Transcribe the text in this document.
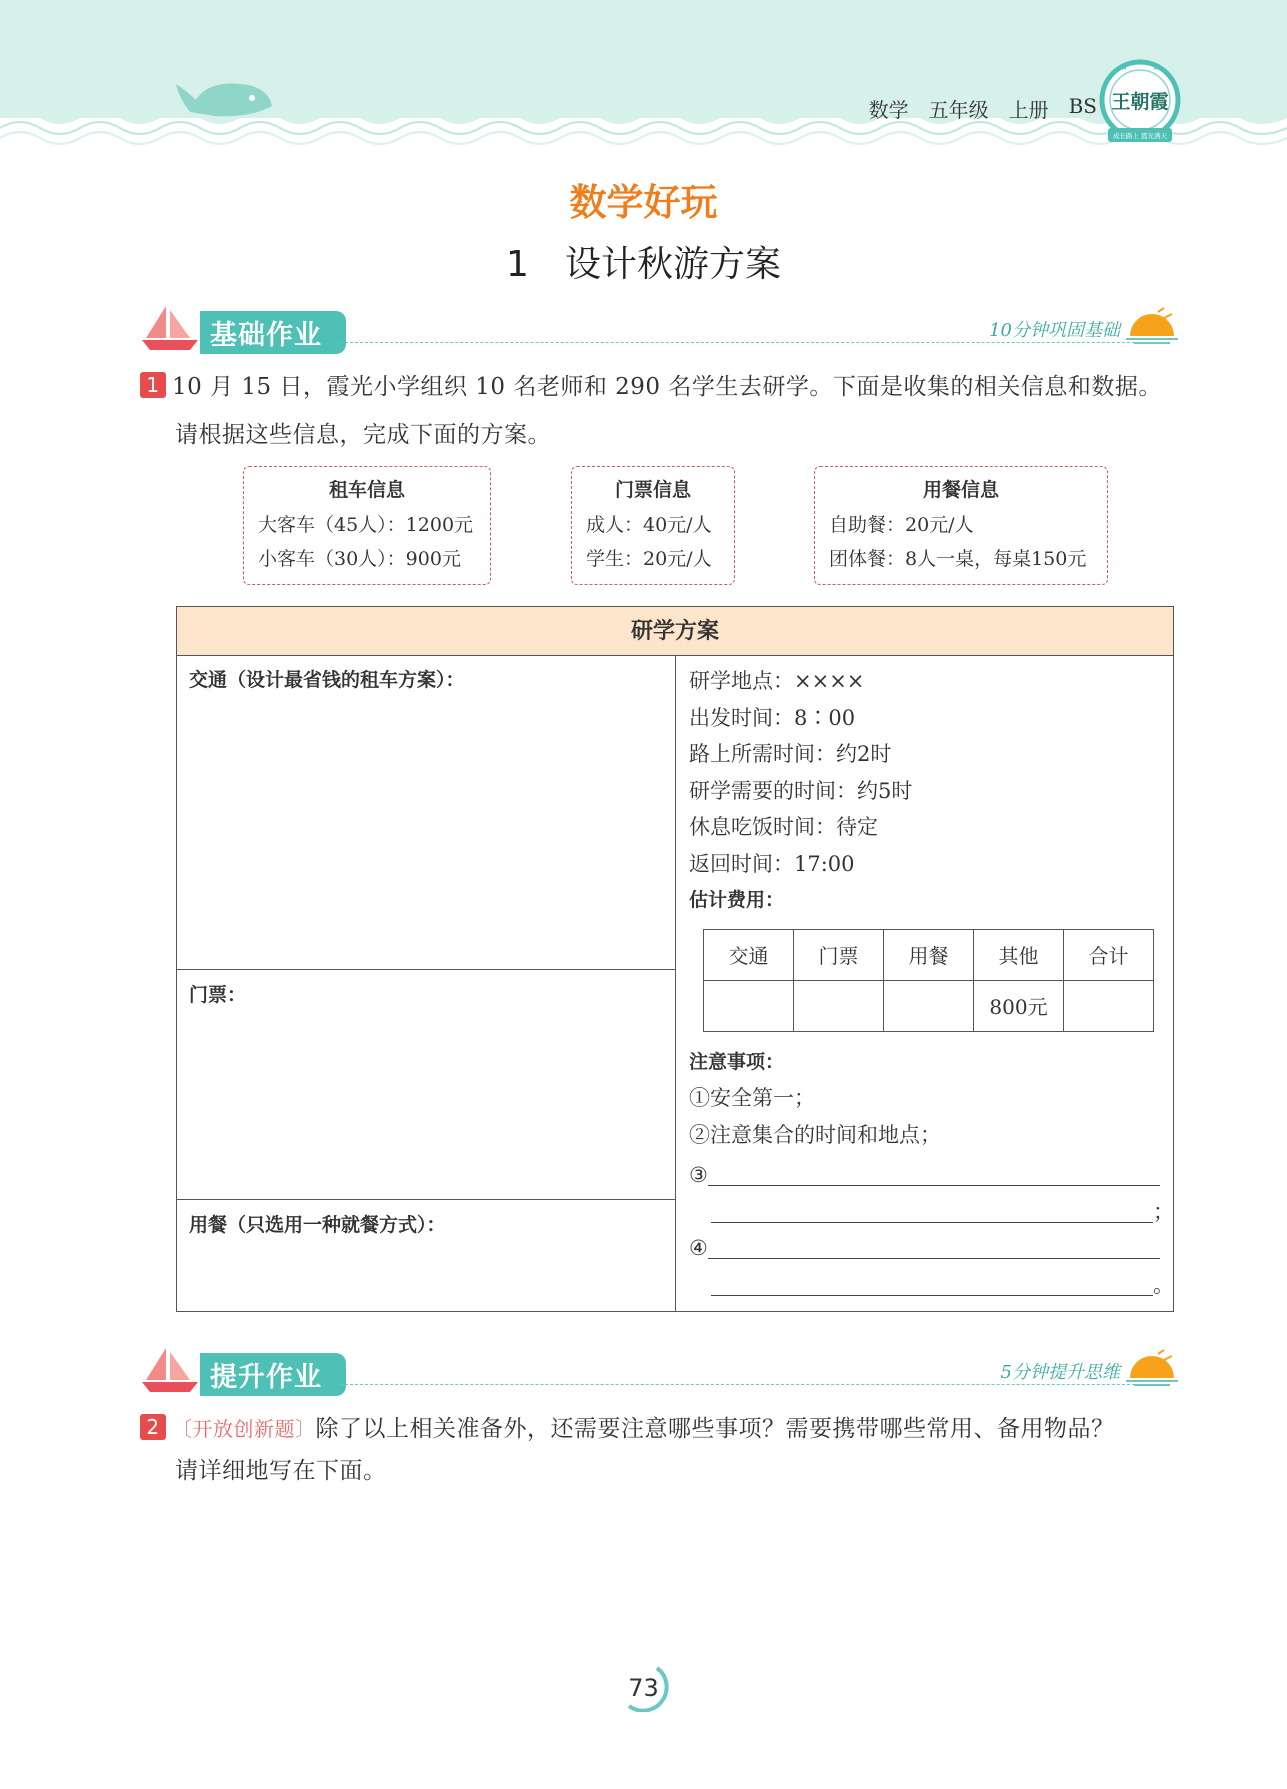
数学 五年级 上册 BS
★ ★ ★
成长路上 霞光满天
王朝霞
数学好玩
1　设计秋游方案
基础作业	10分钟巩固基础
1 10 月 15 日，霞光小学组织 10 名老师和 290 名学生去研学。下面是收集的相关信息和数据。
请根据这些信息，完成下面的方案。
租车信息
大客车（45人）：1200元
小客车（30人）：900元
门票信息
成人：40元/人
学生：20元/人
用餐信息
自助餐：20元/人
团体餐：8人一桌，每桌150元
研学方案
交通（设计最省钱的租车方案）：
门票：
用餐（只选用一种就餐方式）：
研学地点：××××
出发时间：8∶00
路上所需时间：约2时
研学需要的时间：约5时
休息吃饭时间：待定
返回时间：17:00
估计费用：
交通	门票	用餐	其他	合计
			800元	
注意事项：
①安全第一；
②注意集合的时间和地点；
③
；
④
。
提升作业	5分钟提升思维
2 〔开放创新题〕除了以上相关准备外，还需要注意哪些事项？需要携带哪些常用、备用物品？
请详细地写在下面。
73
